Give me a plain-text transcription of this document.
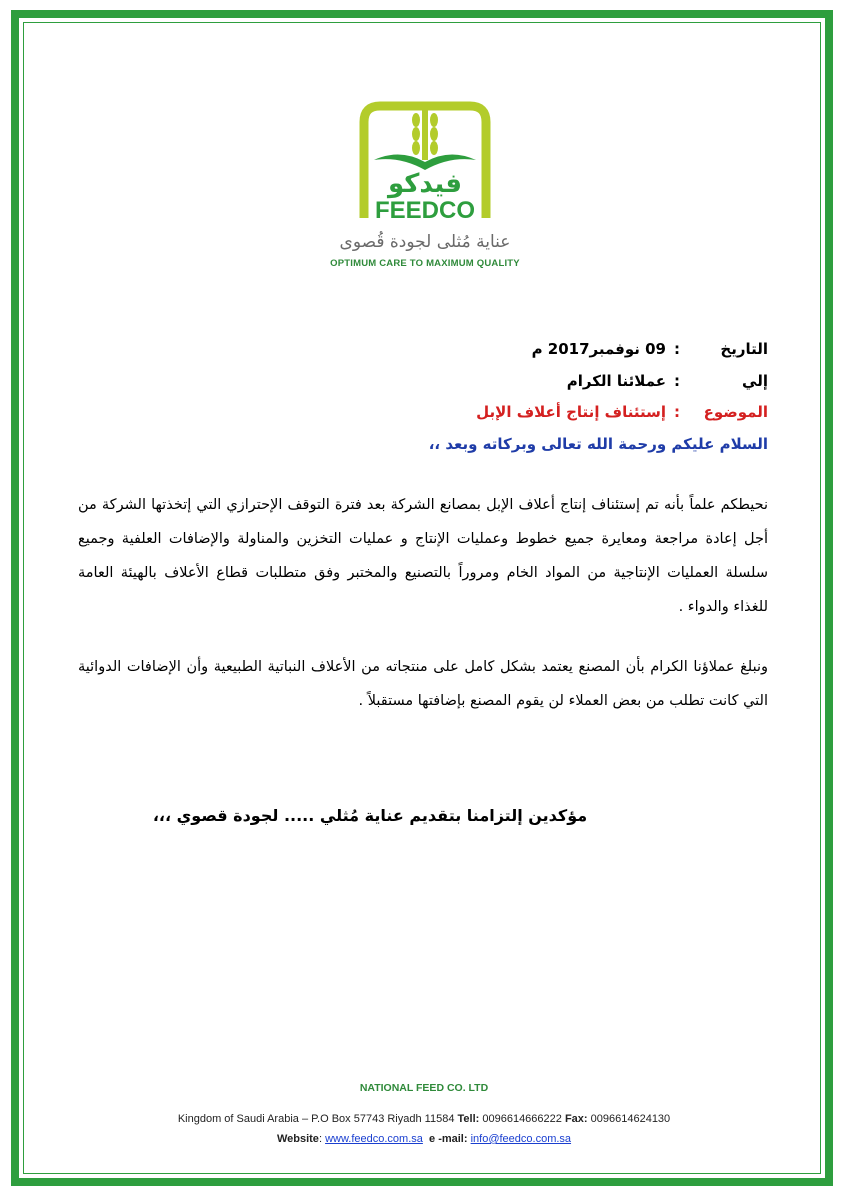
فيدكو
FEEDCO
عناية مُثلى لجودة قُصوى
OPTIMUM CARE TO MAXIMUM QUALITY
التاريخ:09 نوفمبر2017 م
إلي:عملائنا الكرام
الموضوع:إستئناف إنتاج أعلاف الإبل
السلام عليكم ورحمة الله تعالى وبركاته وبعد ،،
نحيطكم علماً بأنه تم إستئناف إنتاج أعلاف الإبل بمصانع الشركة بعد فترة التوقف الإحترازي التي إتخذتها الشركة من أجل إعادة مراجعة ومعايرة جميع خطوط وعمليات الإنتاج و عمليات التخزين والمناولة والإضافات العلفية وجميع سلسلة العمليات الإنتاجية من المواد الخام ومروراً بالتصنيع والمختبر وفق متطلبات قطاع الأعلاف بالهيئة العامة للغذاء والدواء .
ونبلغ عملاؤنا الكرام بأن المصنع يعتمد بشكل كامل على منتجاته من الأعلاف النباتية الطبيعية وأن الإضافات الدوائية التي كانت تطلب من بعض العملاء لن يقوم المصنع بإضافتها مستقبلاً .
مؤكدين إلتزامنا بتقديم عناية مُثلي ..... لجودة قصوي ،،،
NATIONAL FEED CO. LTD
Kingdom of Saudi Arabia – P.O Box 57743 Riyadh 11584 Tell: 0096614666222 Fax: 0096614624130
Website: www.feedco.com.sa e -mail: info@feedco.com.sa
